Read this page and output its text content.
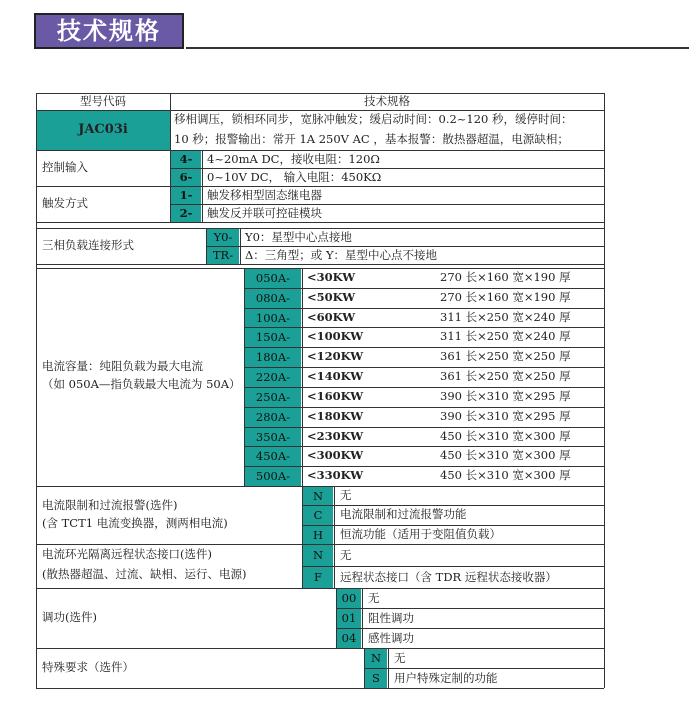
技术规格
型号代码	技术规格
JAC03i
移相调压，锁相环同步，宽脉冲触发；缓启动时间：0.2~120 秒，缓停时间：
10 秒；报警输出：常开 1A 250V AC ，基本报警：散热器超温，电源缺相；
控制输入
4-	4~20mA DC，接收电阻：120Ω
6-	0~10V DC， 输入电阻：450KΩ
触发方式
1-	触发移相型固态继电器
2-	触发反并联可控硅模块
三相负载连接形式
Y0-	Y0：星型中心点接地
TR-	Δ：三角型；或 Y：星型中心点不接地
电流容量：纯阻负载为最大电流
（如 050A—指负载最大电流为 50A）
050A-	<30KW	270 长×160 宽×190 厚
080A-	<50KW	270 长×160 宽×190 厚
100A-	<60KW	311 长×250 宽×240 厚
150A-	<100KW	311 长×250 宽×240 厚
180A-	<120KW	361 长×250 宽×250 厚
220A-	<140KW	361 长×250 宽×250 厚
250A-	<160KW	390 长×310 宽×295 厚
280A-	<180KW	390 长×310 宽×295 厚
350A-	<230KW	450 长×310 宽×300 厚
450A-	<300KW	450 长×310 宽×300 厚
500A-	<330KW	450 长×310 宽×300 厚
电流限制和过流报警(选件)
(含 TCT1 电流变换器，测两相电流)
N	无
C	电流限制和过流报警功能
H	恒流功能（适用于变阻值负载）
电流环光隔离远程状态接口(选件)
(散热器超温、过流、缺相、运行、电源)
N	无
F	远程状态接口（含 TDR 远程状态接收器）
调功(选件)
00	无
01	阻性调功
04	感性调功
特殊要求（选件）
N	无
S	用户特殊定制的功能
